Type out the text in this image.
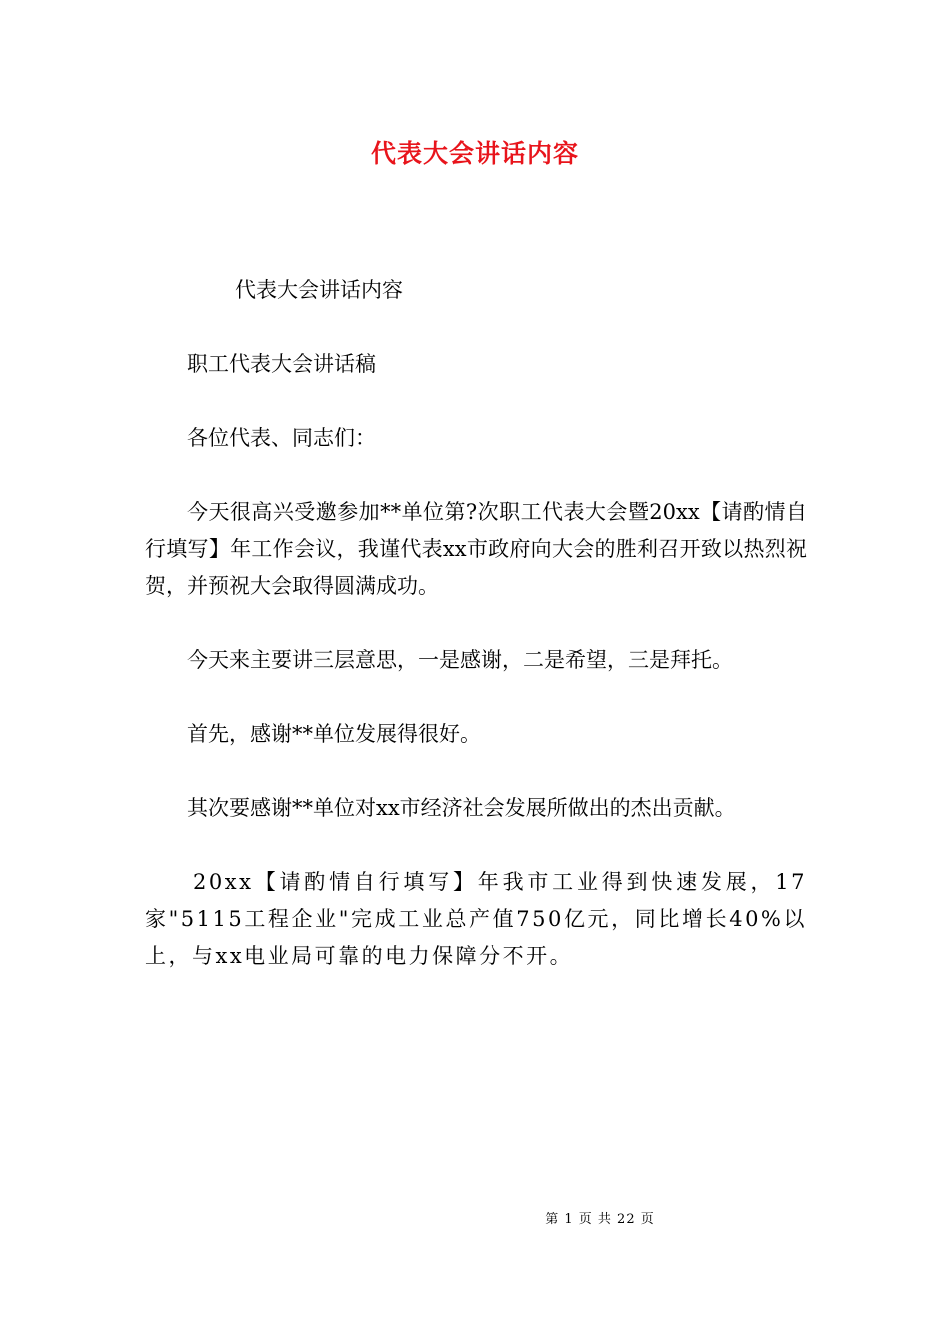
代表大会讲话内容

代表大会讲话内容

职工代表大会讲话稿

各位代表、同志们：

今天很高兴受邀参加**单位第?次职工代表大会暨20xx【请酌情自行填写】年工作会议，我谨代表xx市政府向大会的胜利召开致以热烈祝贺，并预祝大会取得圆满成功。

今天来主要讲三层意思，一是感谢，二是希望，三是拜托。

首先，感谢**单位发展得很好。

其次要感谢**单位对xx市经济社会发展所做出的杰出贡献。

20xx【请酌情自行填写】年我市工业得到快速发展，17家"5115工程企业"完成工业总产值750亿元，同比增长40%以上，与xx电业局可靠的电力保障分不开。

第 1 页 共 22 页
